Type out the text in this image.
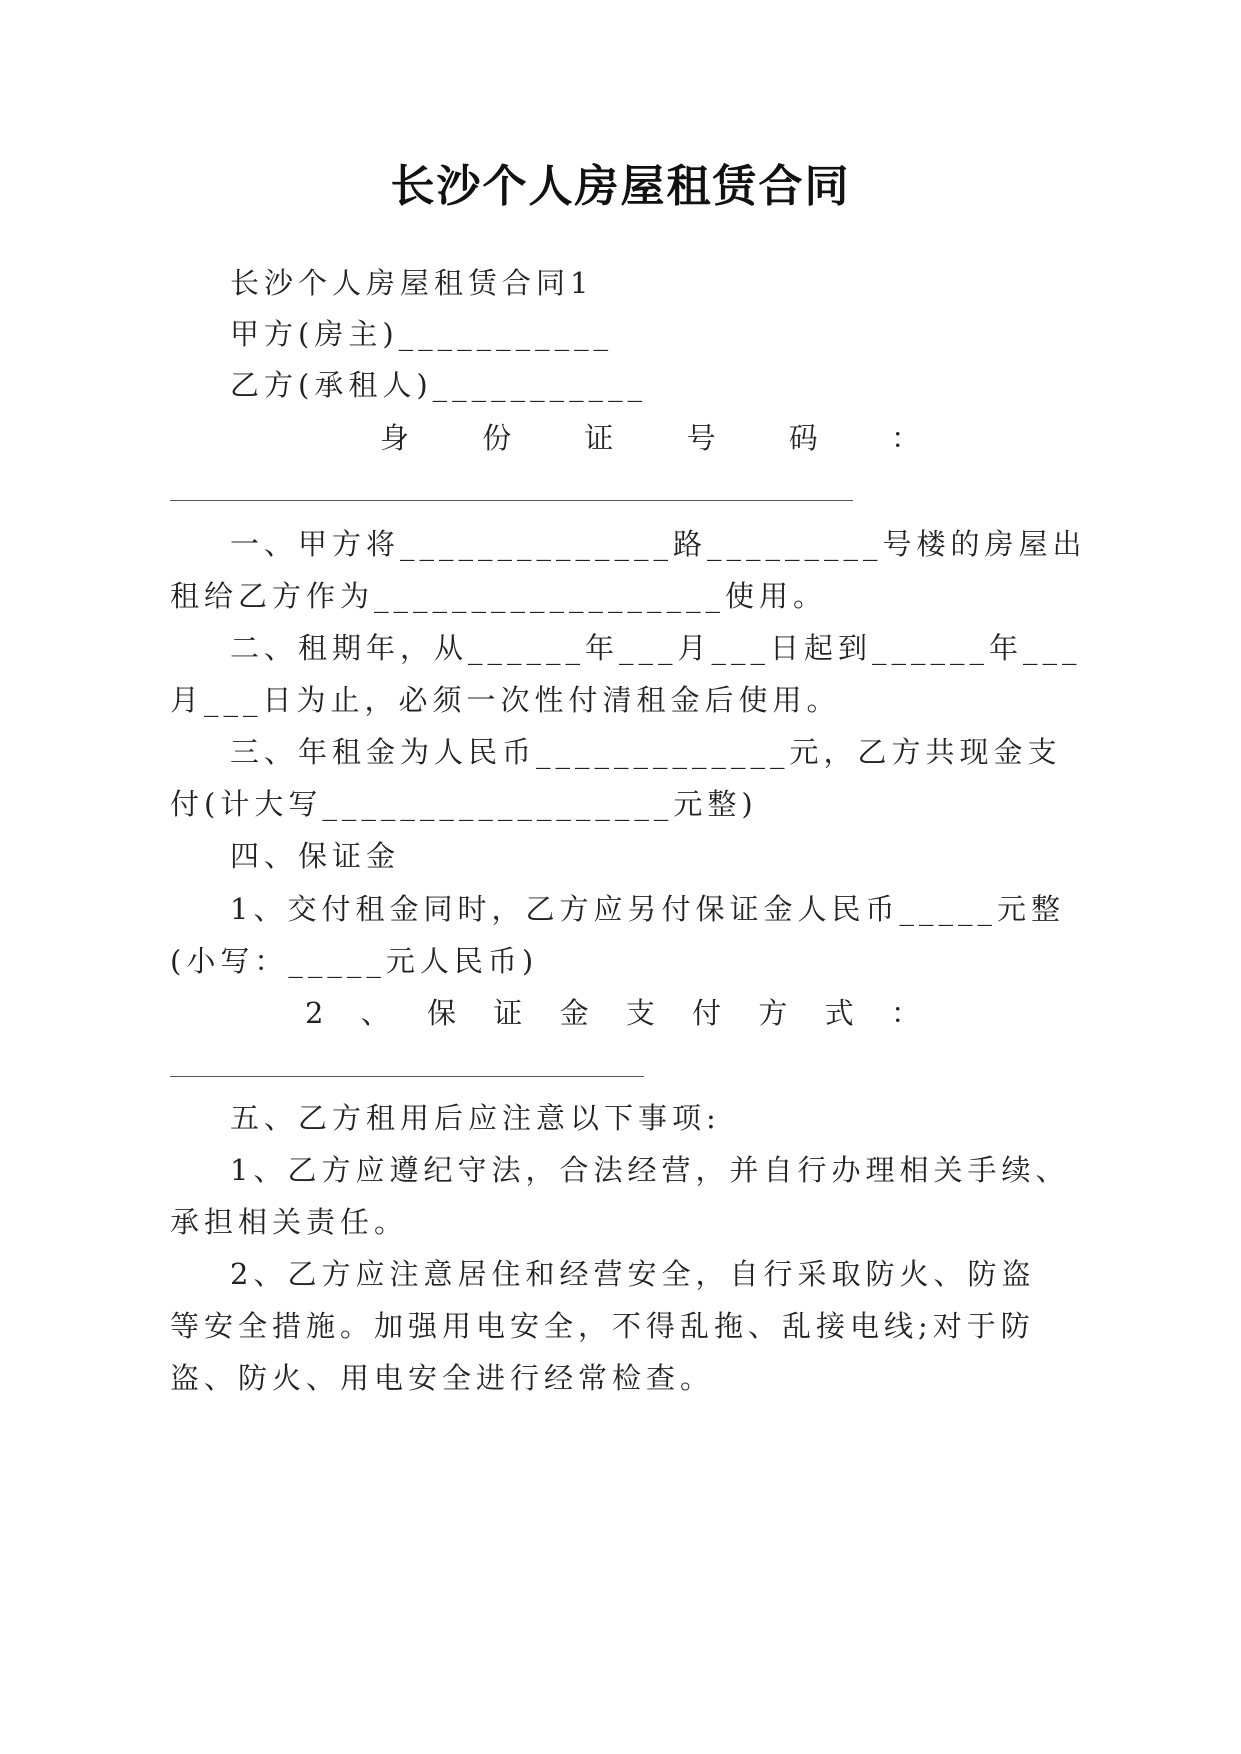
长沙个人房屋租赁合同
长沙个人房屋租赁合同1
甲方(房主)___________
乙方(承租人)___________
身	份	证	号	码	：
一、甲方将______________路_________号楼的房屋出
租给乙方作为__________________使用。
二、租期年，从______年___月___日起到______年___
月___日为止，必须一次性付清租金后使用。
三、年租金为人民币_____________元，乙方共现金支
付(计大写__________________元整)
四、保证金
1、交付租金同时，乙方应另付保证金人民币_____元整
(小写：_____元人民币)
2 、 保 证 金 支 付 方 式 ：
五、乙方租用后应注意以下事项:
1、乙方应遵纪守法，合法经营，并自行办理相关手续、
承担相关责任。
2、乙方应注意居住和经营安全，自行采取防火、防盗
等安全措施。加强用电安全，不得乱拖、乱接电线;对于防
盗、防火、用电安全进行经常检查。
